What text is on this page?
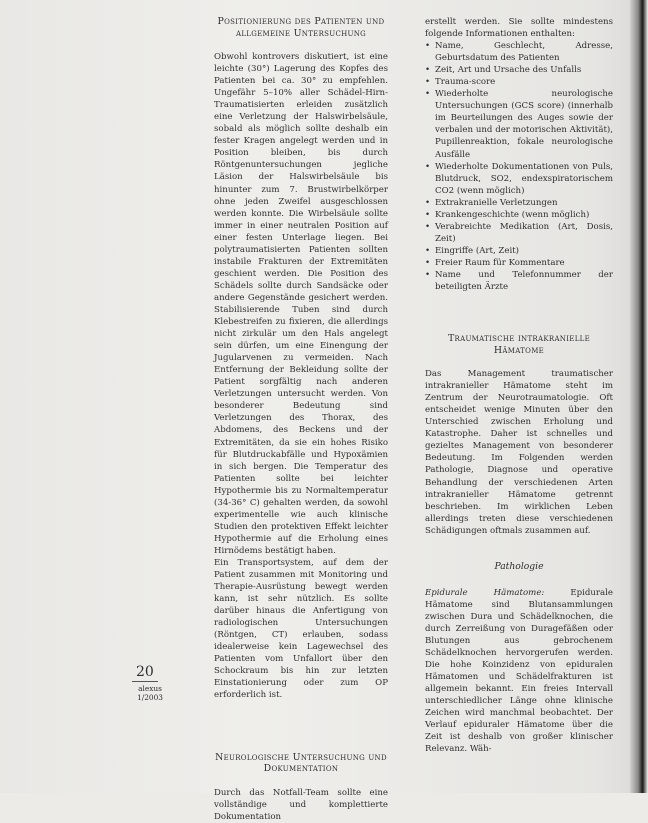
Positionierung des Patienten und
allgemeine Untersuchung

Obwohl kontrovers diskutiert, ist eine leichte (30°) Lagerung des Kopfes des Patienten bei ca. 30° zu empfehlen. Ungefähr 5–10% aller Schädel-Hirn-Traumatisierten erleiden zusätzlich eine Verletzung der Halswirbelsäule, sobald als möglich sollte deshalb ein fester Kragen angelegt werden und in Position bleiben, bis durch Röntgenuntersuchungen jegliche Läsion der Halswirbelsäule bis hinunter zum 7. Brustwirbelkörper ohne jeden Zweifel ausgeschlossen werden konnte. Die Wirbelsäule sollte immer in einer neutralen Position auf einer festen Unterlage liegen. Bei polytraumatisierten Patienten sollten instabile Frakturen der Extremitäten geschient werden. Die Position des Schädels sollte durch Sandsäcke oder andere Gegenstände gesichert werden. Stabilisierende Tuben sind durch Klebestreifen zu fixieren, die allerdings nicht zirkulär um den Hals angelegt sein dürfen, um eine Einengung der Jugularvenen zu vermeiden. Nach Entfernung der Bekleidung sollte der Patient sorgfältig nach anderen Verletzungen untersucht werden. Von besonderer Bedeutung sind Verletzungen des Thorax, des Abdomens, des Beckens und der Extremitäten, da sie ein hohes Risiko für Blutdruckabfälle und Hypoxämien in sich bergen. Die Temperatur des Patienten sollte bei leichter Hypothermie bis zu Normaltemperatur (34-36° C) gehalten werden, da sowohl experimentelle wie auch klinische Studien den protektiven Effekt leichter Hypothermie auf die Erholung eines Hirnödems bestätigt haben.

Ein Transportsystem, auf dem der Patient zusammen mit Monitoring und Therapie-Ausrüstung bewegt werden kann, ist sehr nützlich. Es sollte darüber hinaus die Anfertigung von radiologischen Untersuchungen (Röntgen, CT) erlauben, sodass idealerweise kein Lagewechsel des Patienten vom Unfallort über den Schockraum bis hin zur letzten Einstationierung oder zum OP erforderlich ist.

Neurologische Untersuchung und
Dokumentation

Durch das Notfall-Team sollte eine vollständige und komplettierte Dokumentation

erstellt werden. Sie sollte mindestens folgende Informationen enthalten:

• Name, Geschlecht, Adresse, Geburtsdatum des Patienten
• Zeit, Art und Ursache des Unfalls
• Trauma-score
• Wiederholte neurologische Untersuchungen (GCS score) (innerhalb im Beurteilungen des Auges sowie der verbalen und der motorischen Aktivität), Pupillenreaktion, fokale neurologische Ausfälle
• Wiederholte Dokumentationen von Puls, Blutdruck, SO2, endexspiratorischem CO2 (wenn möglich)
• Extrakranielle Verletzungen
• Krankengeschichte (wenn möglich)
• Verabreichte Medikation (Art, Dosis, Zeit)
• Eingriffe (Art, Zeit)
• Freier Raum für Kommentare
• Name und Telefonnummer der beteiligten Ärzte

Traumatische intrakranielle
Hämatome

Das Management traumatischer intrakranieller Hämatome steht im Zentrum der Neurotraumatologie. Oft entscheidet wenige Minuten über den Unterschied zwischen Erholung und Katastrophe. Daher ist schnelles und gezieltes Management von besonderer Bedeutung. Im Folgenden werden Pathologie, Diagnose und operative Behandlung der verschiedenen Arten intrakranieller Hämatome getrennt beschrieben. Im wirklichen Leben allerdings treten diese verschiedenen Schädigungen oftmals zusammen auf.

Pathologie

Epidurale Hämatome:	Epidurale Hämatome sind Blutansammlungen zwischen Dura und Schädelknochen, die durch Zerreißung von Duragefäßen oder Blutungen aus gebrochenem Schädelknochen hervorgerufen werden. Die hohe Koinzidenz von epiduralen Hämatomen und Schädelfrakturen ist allgemein bekannt. Ein freies Intervall unterschiedlicher Länge ohne klinische Zeichen wird manchmal beobachtet. Der Verlauf epiduraler Hämatome über die Zeit ist deshalb von großer klinischer Relevanz. Wäh-

20
alexus
1/2003
